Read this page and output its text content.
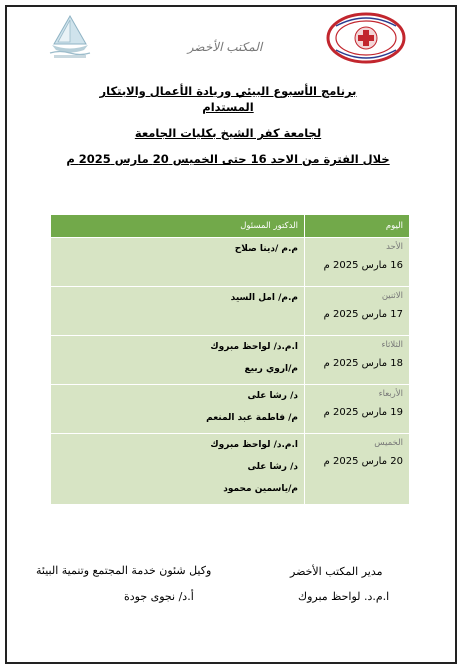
المكتب الأخضر
برنامج الأسبوع البيئي وريادة الأعمال والابتكار
المستدام
لجامعة كفر الشيخ بكليات الجامعة
خلال الفترة من الاحد 16 حتى الخميس 20 مارس 2025 م
اليوم	الدكتور المسئول

الأحد
16 مارس 2025 م	م.م /دينا صلاح

الاثنين
17 مارس 2025 م	م.م/ امل السيد

الثلاثاء
18 مارس 2025 م	ا.م.د/ لواحظ مبروك
م/اروي ربيع

الأربعاء
19 مارس 2025 م	د/ رشا على
م/ فاطمة عبد المنعم

الخميس
20 مارس 2025 م	ا.م.د/ لواحظ مبروك
د/ رشا على
م/ياسمين محمود
مدير المكتب الأخضر
ا.م.د. لواحظ مبروك
وكيل شئون خدمة المجتمع وتنمية البيئة
أ.د/ نجوى جودة
